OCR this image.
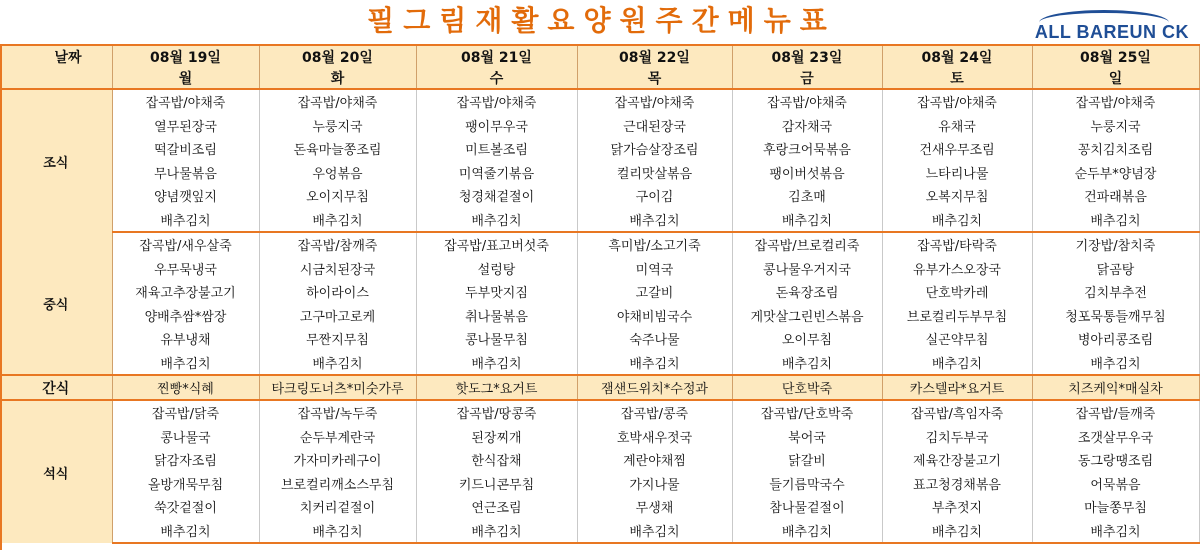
필그림재활요양원주간메뉴표	ALL BAREUN CK
날짜	08월 19일	08월 20일	08월 21일	08월 22일	08월 23일	08월 24일	08월 25일
	월	화	수	목	금	토	일
조식	잡곡밥/야채죽	잡곡밥/야채죽	잡곡밥/야채죽	잡곡밥/야채죽	잡곡밥/야채죽	잡곡밥/야채죽	잡곡밥/야채죽
	열무된장국	누룽지국	팽이무우국	근대된장국	감자채국	유채국	누룽지국
	떡갈비조림	돈육마늘쫑조림	미트볼조림	닭가슴살장조림	후랑크어묵볶음	건새우무조림	꽁치김치조림
	무나물볶음	우엉볶음	미역줄기볶음	컬리맛살볶음	팽이버섯볶음	느타리나물	순두부*양념장
	양념깻잎지	오이지무침	청경채겉절이	구이김	김초매	오복지무침	건파래볶음
	배추김치	배추김치	배추김치	배추김치	배추김치	배추김치	배추김치
중식	잡곡밥/새우살죽	잡곡밥/참깨죽	잡곡밥/표고버섯죽	흑미밥/소고기죽	잡곡밥/브로컬리죽	잡곡밥/타락죽	기장밥/참치죽
	우무묵냉국	시금치된장국	설렁탕	미역국	콩나물우거지국	유부가스오장국	닭곰탕
	재육고추장불고기	하이라이스	두부맛지짐	고갈비	돈육장조림	단호박카레	김치부추전
	양배추쌈*쌈장	고구마고로케	취나물볶음	야채비빔국수	게맛살그린빈스볶음	브로컬리두부무침	청포묵통들깨무침
	유부냉채	무짠지무침	콩나물무침	숙주나물	오이무침	실곤약무침	병아리콩조림
	배추김치	배추김치	배추김치	배추김치	배추김치	배추김치	배추김치
간식	찐빵*식혜	타크링도너츠*미숫가루	핫도그*요거트	잼샌드위치*수정과	단호박죽	카스텔라*요거트	치즈케익*매실차
석식	잡곡밥/닭죽	잡곡밥/녹두죽	잡곡밥/땅콩죽	잡곡밥/콩죽	잡곡밥/단호박죽	잡곡밥/흑임자죽	잡곡밥/들깨죽
	콩나물국	순두부계란국	된장찌개	호박새우젓국	북어국	김치두부국	조갯살무우국
	닭감자조림	가자미카레구이	한식잡채	계란야채찜	닭갈비	제육간장불고기	동그랑땡조림
	올방개묵무침	브로컬리깨소스무침	키드니콘무침	가지나물	들기름막국수	표고청경채볶음	어묵볶음
	쑥갓겉절이	치커리겉절이	연근조림	무생채	참나물겉절이	부추젓지	마늘쫑무침
	배추김치	배추김치	배추김치	배추김치	배추김치	배추김치	배추김치
